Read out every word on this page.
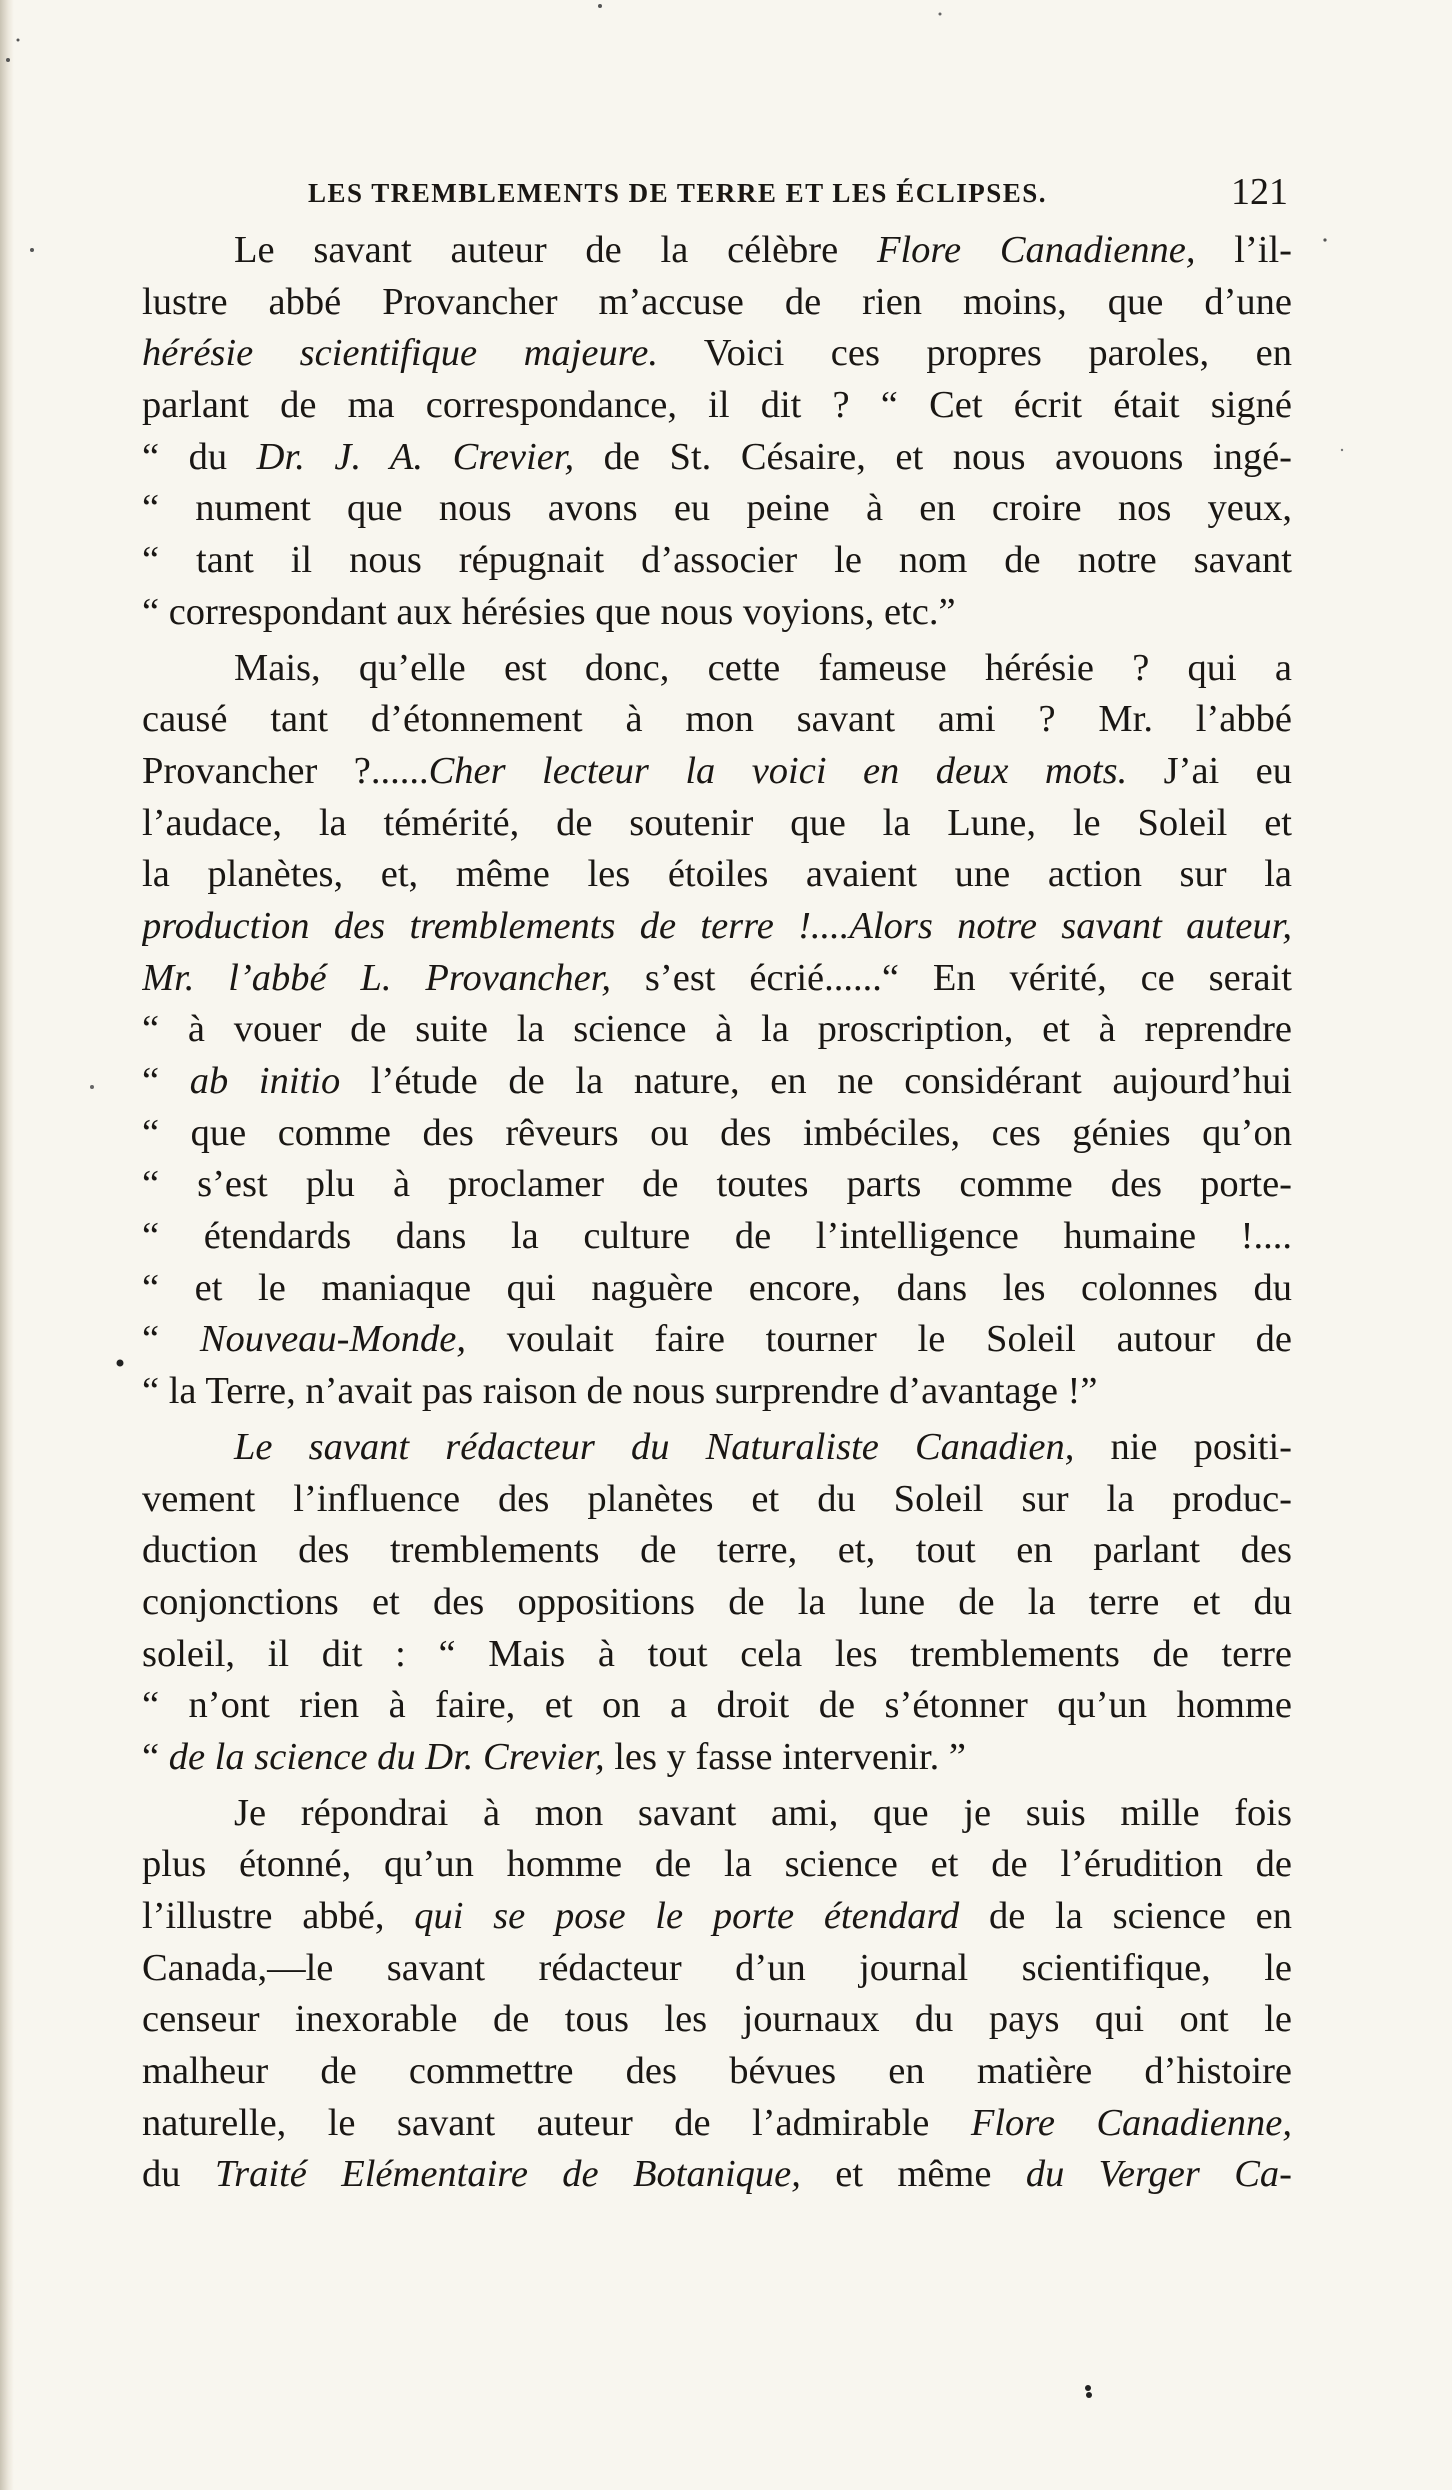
LES TREMBLEMENTS DE TERRE ET LES ÉCLIPSES.	121
Le savant auteur de la célèbre Flore Canadienne, l’il-
lustre abbé Provancher m’accuse de rien moins, que d’une
hérésie scientifique majeure. Voici ces propres paroles, en
parlant de ma correspondance, il dit ? “ Cet écrit était signé
“ du Dr. J. A. Crevier, de St. Césaire, et nous avouons ingé-
“ nument que nous avons eu peine à en croire nos yeux,
“ tant il nous répugnait d’associer le nom de notre savant
“ correspondant aux hérésies que nous voyions, etc.”
Mais, qu’elle est donc, cette fameuse hérésie ? qui a
causé tant d’étonnement à mon savant ami ? Mr. l’abbé
Provancher ?......Cher lecteur la voici en deux mots. J’ai eu
l’audace, la témérité, de soutenir que la Lune, le Soleil et
la planètes, et, même les étoiles avaient une action sur la
production des tremblements de terre !....Alors notre savant auteur,
Mr. l’abbé L. Provancher, s’est écrié......“ En vérité, ce serait
“ à vouer de suite la science à la proscription, et à reprendre
“ ab initio l’étude de la nature, en ne considérant aujourd’hui
“ que comme des rêveurs ou des imbéciles, ces génies qu’on
“ s’est plu à proclamer de toutes parts comme des porte-
“ étendards dans la culture de l’intelligence humaine !....
“ et le maniaque qui naguère encore, dans les colonnes du
“ Nouveau-Monde, voulait faire tourner le Soleil autour de
“ la Terre, n’avait pas raison de nous surprendre d’avantage !”
Le savant rédacteur du Naturaliste Canadien, nie positi-
vement l’influence des planètes et du Soleil sur la produc-
duction des tremblements de terre, et, tout en parlant des
conjonctions et des oppositions de la lune de la terre et du
soleil, il dit : “ Mais à tout cela les tremblements de terre
“ n’ont rien à faire, et on a droit de s’étonner qu’un homme
“ de la science du Dr. Crevier, les y fasse intervenir. ”
Je répondrai à mon savant ami, que je suis mille fois
plus étonné, qu’un homme de la science et de l’érudition de
l’illustre abbé, qui se pose le porte étendard de la science en
Canada,—le savant rédacteur d’un journal scientifique, le
censeur inexorable de tous les journaux du pays qui ont le
malheur de commettre des bévues en matière d’histoire
naturelle, le savant auteur de l’admirable Flore Canadienne,
du Traité Elémentaire de Botanique, et même du Verger Ca-
